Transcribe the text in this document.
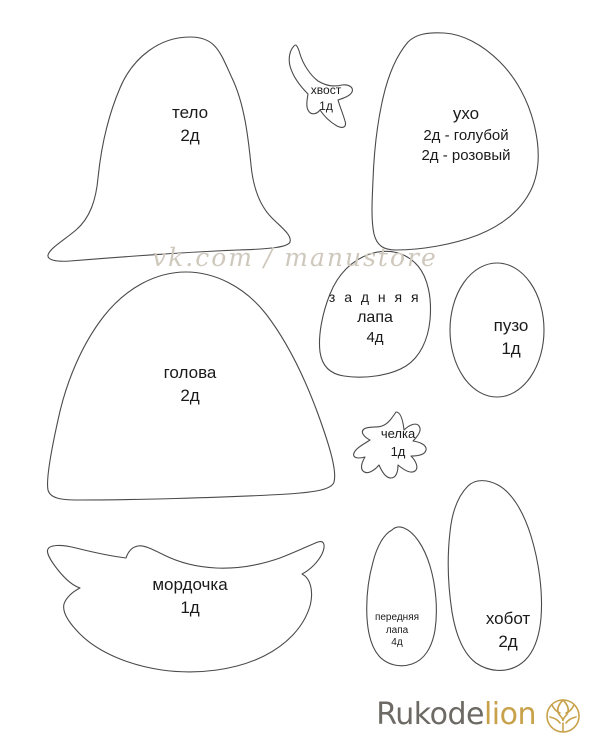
тело
2д
хвост
1д	ухо
2д - голубой
2д - розовый
з а д н я я
лапа
4д
пузо
1д
голова
2д
челка
1д
мордочка
1д
передняя
лапа
4д
хобот
2д
vk.com / manustore
Rukodelion
